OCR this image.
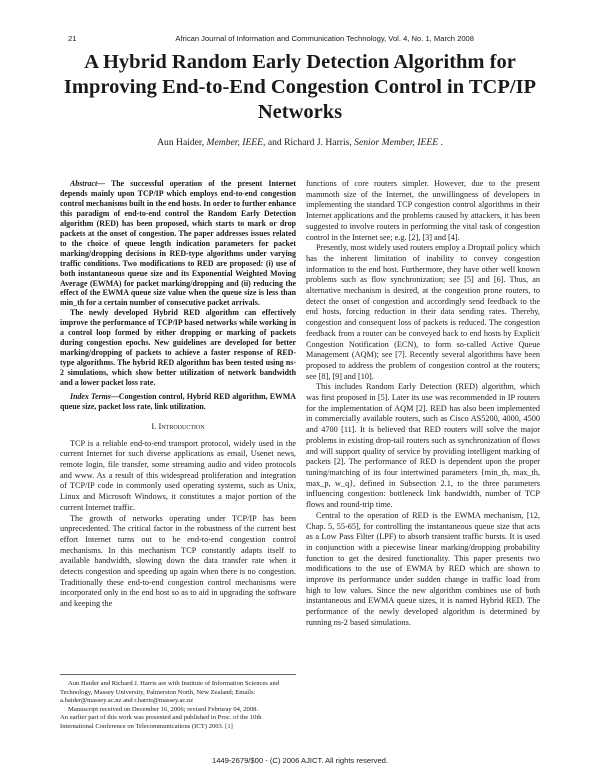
21	African Journal of Information and Communication Technology, Vol. 4, No. 1, March 2008
A Hybrid Random Early Detection Algorithm for Improving End-to-End Congestion Control in TCP/IP Networks
Aun Haider, Member, IEEE, and Richard J. Harris, Senior Member, IEEE .

Abstract— The successful operation of the present Internet depends mainly upon TCP/IP which employs end-to-end congestion control mechanisms built in the end hosts. In order to further enhance this paradigm of end-to-end control the Random Early Detection algorithm (RED) has been proposed, which starts to mark or drop packets at the onset of congestion. The paper addresses issues related to the choice of queue length indication parameters for packet marking/dropping decisions in RED-type algorithms under varying traffic conditions. Two modifications to RED are proposed: (i) use of both instantaneous queue size and its Exponential Weighted Moving Average (EWMA) for packet marking/dropping and (ii) reducing the effect of the EWMA queue size value when the queue size is less than min_th for a certain number of consecutive packet arrivals.

The newly developed Hybrid RED algorithm can effectively improve the performance of TCP/IP based networks while working in a control loop formed by either dropping or marking of packets during congestion epochs. New guidelines are developed for better marking/dropping of packets to achieve a faster response of RED-type algorithms. The hybrid RED algorithm has been tested using ns-2 simulations, which show better utilization of network bandwidth and a lower packet loss rate.

Index Terms—Congestion control, Hybrid RED algorithm, EWMA queue size, packet loss rate, link utilization.

I. Introduction

TCP is a reliable end-to-end transport protocol, widely used in the current Internet for such diverse applications as email, Usenet news, remote login, file transfer, some streaming audio and video protocols and www. As a result of this widespread proliferation and integration of TCP/IP code in commonly used operating systems, such as Unix, Linux and Microsoft Windows, it constitutes a major portion of the current Internet traffic.

The growth of networks operating under TCP/IP has been unprecedented. The critical factor in the robustness of the current best effort Internet turns out to be end-to-end congestion control mechanisms. In this mechanism TCP constantly adapts itself to available bandwidth, slowing down the data transfer rate when it detects congestion and speeding up again when there is no congestion. Traditionally these end-to-end congestion control mechanisms were incorporated only in the end host so as to aid in upgrading the software and keeping the

Aun Haider and Richard J. Harris are with Institute of Information Sciences and Technology, Massey University, Palmerston North, New Zealand; Emails: a.haider@massey.ac.nz and r.harris@massey.ac.nz

Manuscript received on December 16, 2006; revised Februray 04, 2008.

An earlier part of this work was presented and published in Proc. of the 10th International Conference on Telecommunications (ICT) 2003. [1]

functions of core routers simpler. However, due to the present mammoth size of the Internet, the unwillingness of developers in implementing the standard TCP congestion control algorithms in their Internet applications and the problems caused by attackers, it has been suggested to involve routers in performing the vital task of congestion control in the Internet see; e.g. [2], [3] and [4].

Presently, most widely used routers employ a Droptail policy which has the inherent limitation of inability to convey congestion information to the end host. Furthermore, they have other well known problems such as flow synchronization; see [5] and [6]. Thus, an alternative mechanism is desired, at the congestion prone routers, to detect the onset of congestion and accordingly send feedback to the end hosts, forcing reduction in their data sending rates. Thereby, congestion and consequent loss of packets is reduced. The congestion feedback from a router can be conveyed back to end hosts by Explicit Congestion Notification (ECN), to form so-called Active Queue Management (AQM); see [7]. Recently several algorithms have been proposed to address the problem of congestion control at the routers; see [8], [9] and [10].

This includes Random Early Detection (RED) algorithm, which was first proposed in [5]. Later its use was recommended in IP routers for the implementation of AQM [2]. RED has also been implemented in commercially available routers, such as Cisco AS5200, 4000, 4500 and 4700 [11]. It is believed that RED routers will solve the major problems in existing drop-tail routers such as synchronization of flows and will support quality of service by providing intelligent marking of packets [2]. The performance of RED is dependent upon the proper tuning/matching of its four intertwined parameters {min_th, max_th, max_p, w_q}, defined in Subsection 2.1, to the three parameters influencing congestion: bottleneck link bandwidth, number of TCP flows and round-trip time.

Central to the operation of RED is the EWMA mechanism, [12, Chap. 5, 55-65], for controlling the instantaneous queue size that acts as a Low Pass Filter (LPF) to absorb transient traffic bursts. It is used in conjunction with a piecewise linear marking/dropping probability function to get the desired functionality. This paper presents two modifications to the use of EWMA by RED which are shown to improve its performance under sudden change in traffic load from high to low values. Since the new algorithm combines use of both instantaneous and EWMA queue sizes, it is named Hybrid RED. The performance of the newly developed algorithm is determined by running ns-2 based simulations.

1449-2679/$00 - (C) 2006 AJICT. All rights reserved.
